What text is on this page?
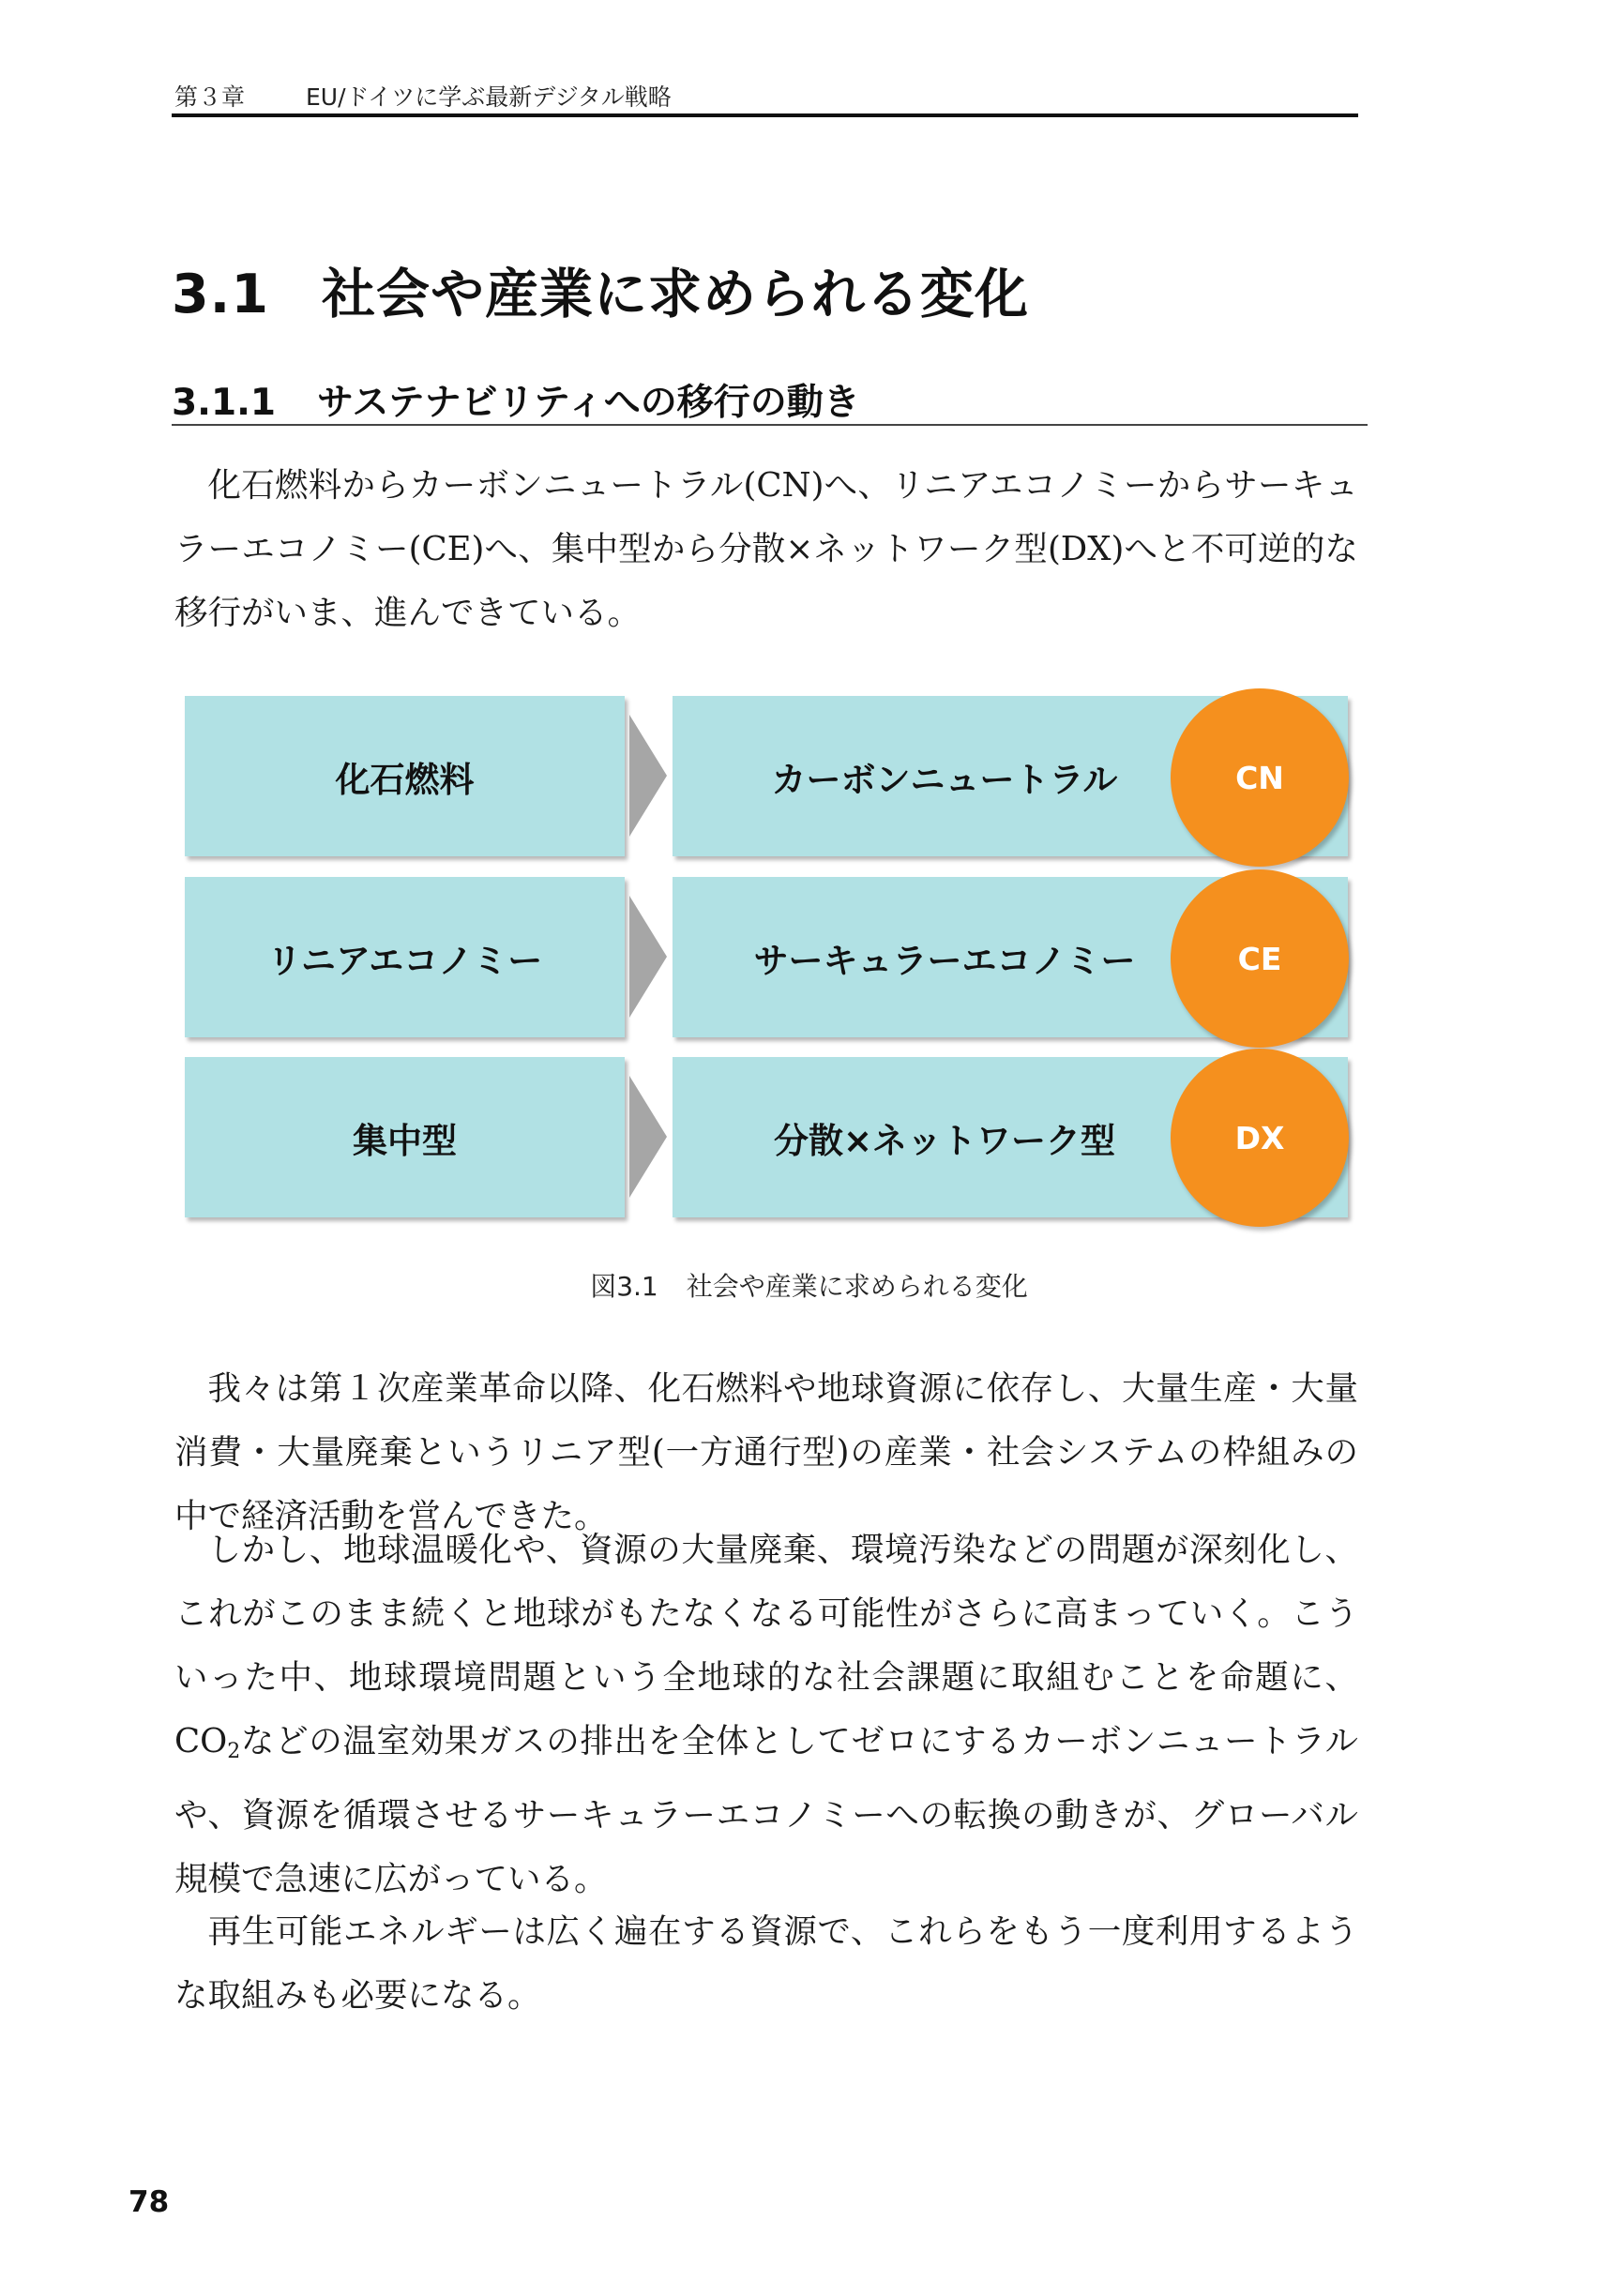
第３章	EU/ドイツに学ぶ最新デジタル戦略
3.1 社会や産業に求められる変化
3.1.1 サステナビリティへの移行の動き

化石燃料からカーボンニュートラル(CN)へ、リニアエコノミーからサーキュラーエコノミー(CE)へ、集中型から分散×ネットワーク型(DX)へと不可逆的な移行がいま、進んできている。

化石燃料	カーボンニュートラル	CN
リニアエコノミー	サーキュラーエコノミー	CE
集中型	分散×ネットワーク型	DX
図3.1 社会や産業に求められる変化

我々は第１次産業革命以降、化石燃料や地球資源に依存し、大量生産・大量消費・大量廃棄というリニア型(一方通行型)の産業・社会システムの枠組みの中で経済活動を営んできた。

しかし、地球温暖化や、資源の大量廃棄、環境汚染などの問題が深刻化し、これがこのまま続くと地球がもたなくなる可能性がさらに高まっていく。こういった中、地球環境問題という全地球的な社会課題に取組むことを命題に、$CO_2$などの温室効果ガスの排出を全体としてゼロにするカーボンニュートラルや、資源を循環させるサーキュラーエコノミーへの転換の動きが、グローバル規模で急速に広がっている。

再生可能エネルギーは広く遍在する資源で、これらをもう一度利用するような取組みも必要になる。

78
